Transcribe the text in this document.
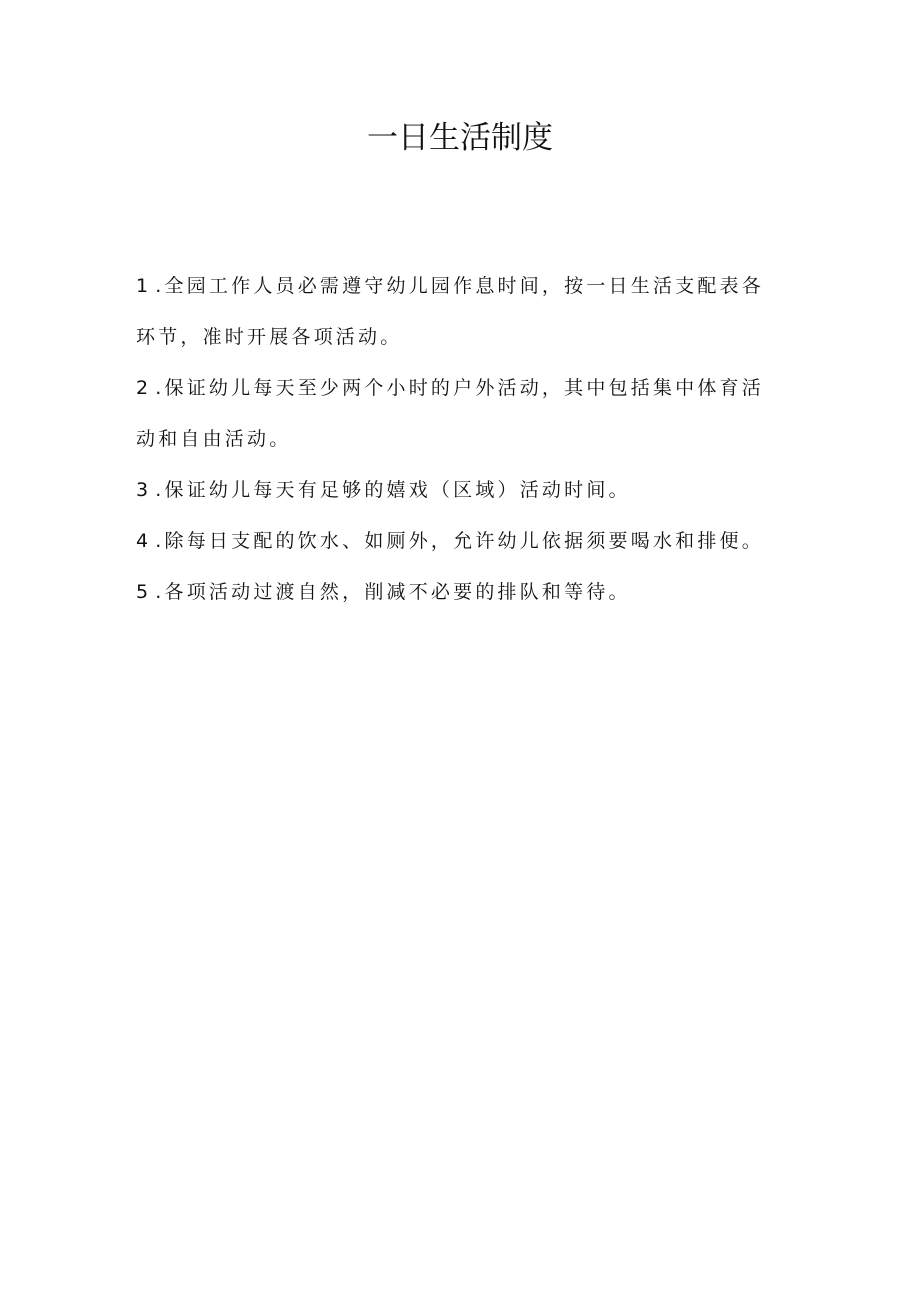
一日生活制度

1 .全园工作人员必需遵守幼儿园作息时间，按一日生活支配表各环节，准时开展各项活动。

2 .保证幼儿每天至少两个小时的户外活动，其中包括集中体育活动和自由活动。

3 .保证幼儿每天有足够的嬉戏（区域）活动时间。

4 .除每日支配的饮水、如厕外，允许幼儿依据须要喝水和排便。

5 .各项活动过渡自然，削减不必要的排队和等待。
